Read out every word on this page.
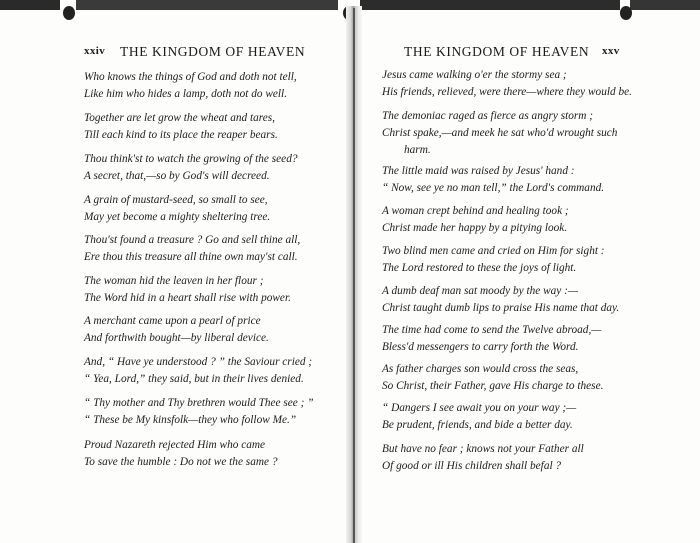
xxiv THE KINGDOM OF HEAVEN
Who knows the things of God and doth not tell,
Like him who hides a lamp, doth not do well.
Together are let grow the wheat and tares,
Till each kind to its place the reaper bears.
Thou think'st to watch the growing of the seed?
A secret, that,—so by God's will decreed.
A grain of mustard-seed, so small to see,
May yet become a mighty sheltering tree.
Thou'st found a treasure ? Go and sell thine all,
Ere thou this treasure all thine own may'st call.
The woman hid the leaven in her flour ;
The Word hid in a heart shall rise with power.
A merchant came upon a pearl of price
And forthwith bought—by liberal device.
And, “ Have ye understood ? ” the Saviour cried ;
“ Yea, Lord,” they said, but in their lives denied.
“ Thy mother and Thy brethren would Thee see ; ”
“ These be My kinsfolk—they who follow Me.”
Proud Nazareth rejected Him who came
To save the humble : Do not we the same ?
THE KINGDOM OF HEAVEN xxv
Jesus came walking o'er the stormy sea ;
His friends, relieved, were there—where they would be.
The demoniac raged as fierce as angry storm ;
Christ spake,—and meek he sat who'd wrought such
harm.
The little maid was raised by Jesus' hand :
“ Now, see ye no man tell,” the Lord's command.
A woman crept behind and healing took ;
Christ made her happy by a pitying look.
Two blind men came and cried on Him for sight :
The Lord restored to these the joys of light.
A dumb deaf man sat moody by the way :—
Christ taught dumb lips to praise His name that day.
The time had come to send the Twelve abroad,—
Bless'd messengers to carry forth the Word.
As father charges son would cross the seas,
So Christ, their Father, gave His charge to these.
“ Dangers I see await you on your way ;—
Be prudent, friends, and bide a better day.
But have no fear ; knows not your Father all
Of good or ill His children shall befal ?
